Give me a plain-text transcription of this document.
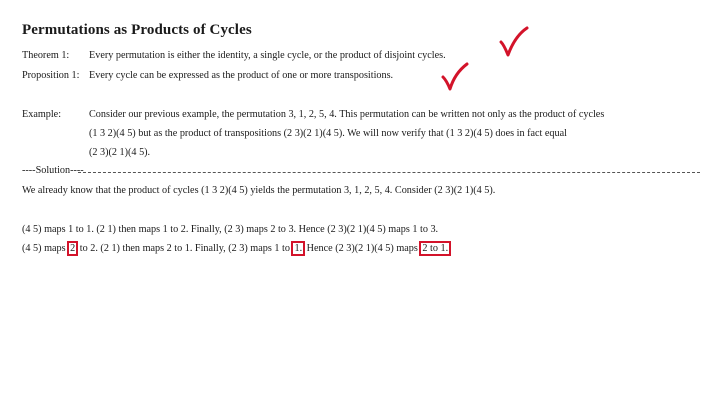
Permutations as Products of Cycles
Theorem 1: Every permutation is either the identity, a single cycle, or the product of disjoint cycles.
Proposition 1: Every cycle can be expressed as the product of one or more transpositions.
Example:	Consider our previous example, the permutation 3, 1, 2, 5, 4. This permutation can be written not only as the product of cycles
(1 3 2)(4 5) but as the product of transpositions (2 3)(2 1)(4 5). We will now verify that (1 3 2)(4 5) does in fact equal
(2 3)(2 1)(4 5).
----Solution----
We already know that the product of cycles (1 3 2)(4 5) yields the permutation 3, 1, 2, 5, 4. Consider (2 3)(2 1)(4 5).
(4 5) maps 1 to 1. (2 1) then maps 1 to 2. Finally, (2 3) maps 2 to 3. Hence (2 3)(2 1)(4 5) maps 1 to 3.
(4 5) maps 2 to 2. (2 1) then maps 2 to 1. Finally, (2 3) maps 1 to 1. Hence (2 3)(2 1)(4 5) maps 2 to 1.
